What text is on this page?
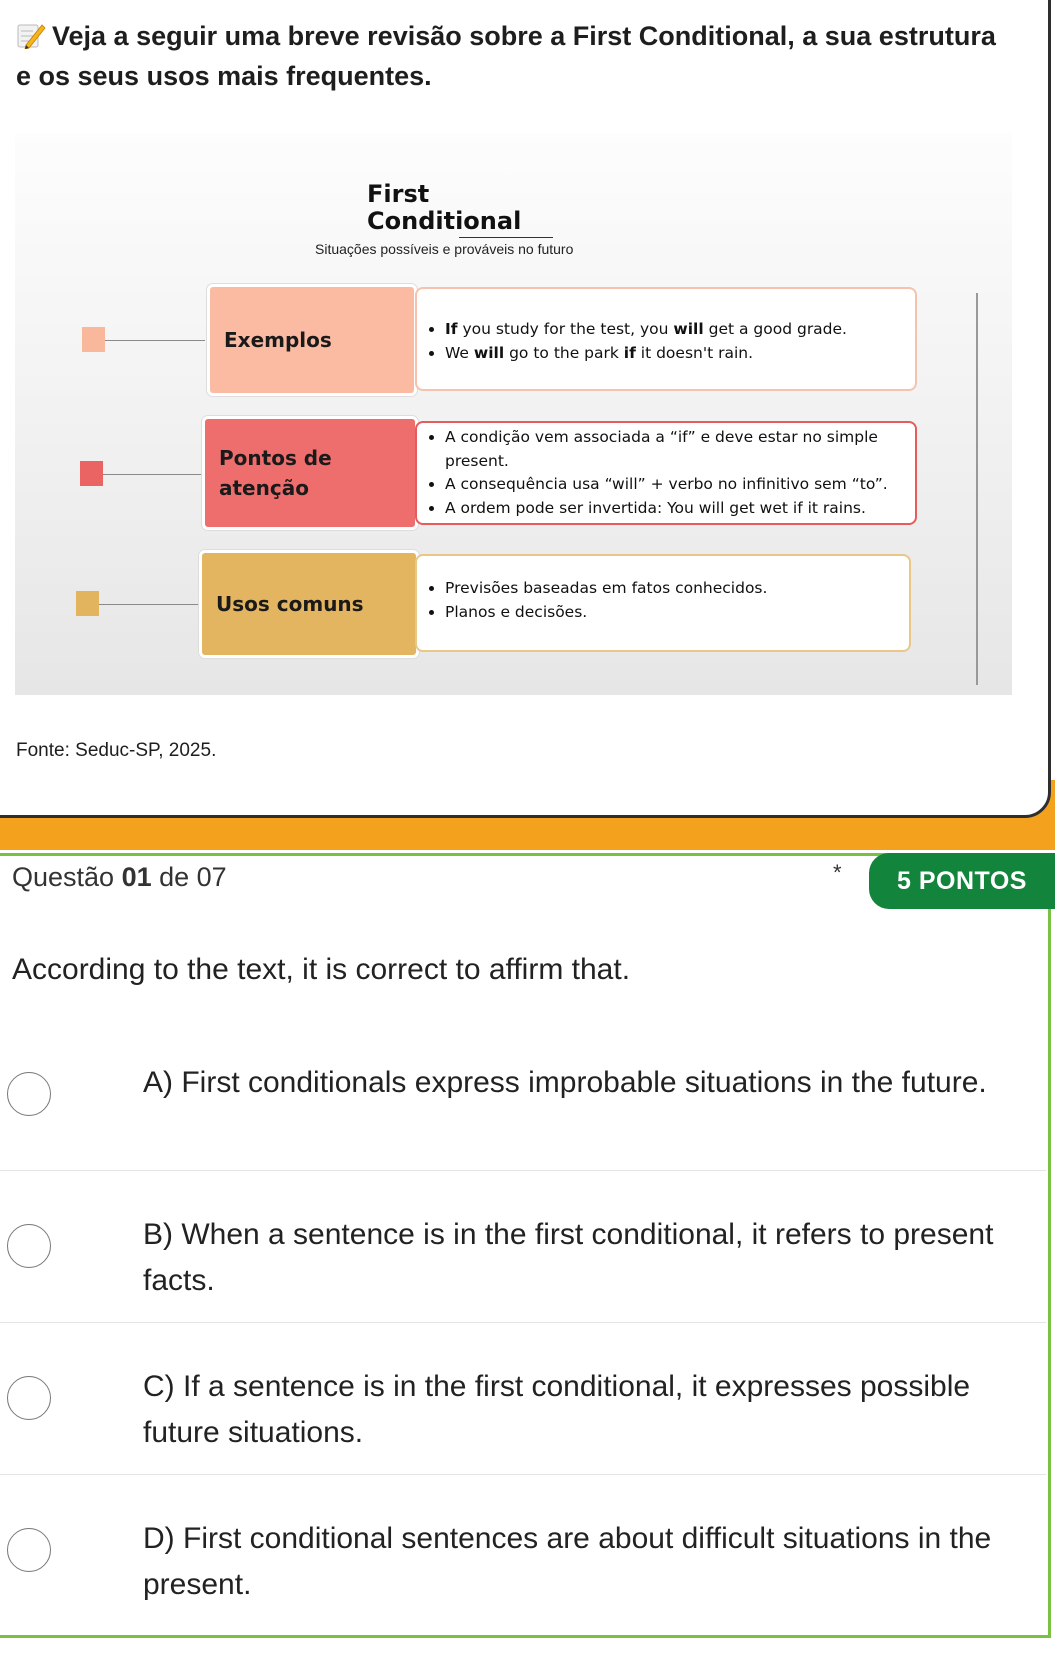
Veja a seguir uma breve revisão sobre a First Conditional, a sua estrutura e os seus usos mais frequentes.
First
Conditional
Situações possíveis e prováveis no futuro
Exemplos
•	If you study for the test, you will get a good grade.
• We will go to the park if it doesn't rain.
Pontos de
atenção
• A condição vem associada a “if” e deve estar no simple present.
• A consequência usa “will” + verbo no infinitivo sem “to”.
• A ordem pode ser invertida: You will get wet if it rains.
Usos comuns
• Previsões baseadas em fatos conhecidos.
• Planos e decisões.
Fonte: Seduc-SP, 2025.
Questão 01 de 07	*	5 PONTOS
According to the text, it is correct to affirm that.
A) First conditionals express improbable situations in the future.
B) When a sentence is in the first conditional, it refers to present facts.
C) If a sentence is in the first conditional, it expresses possible future situations.
D) First conditional sentences are about difficult situations in the present.
